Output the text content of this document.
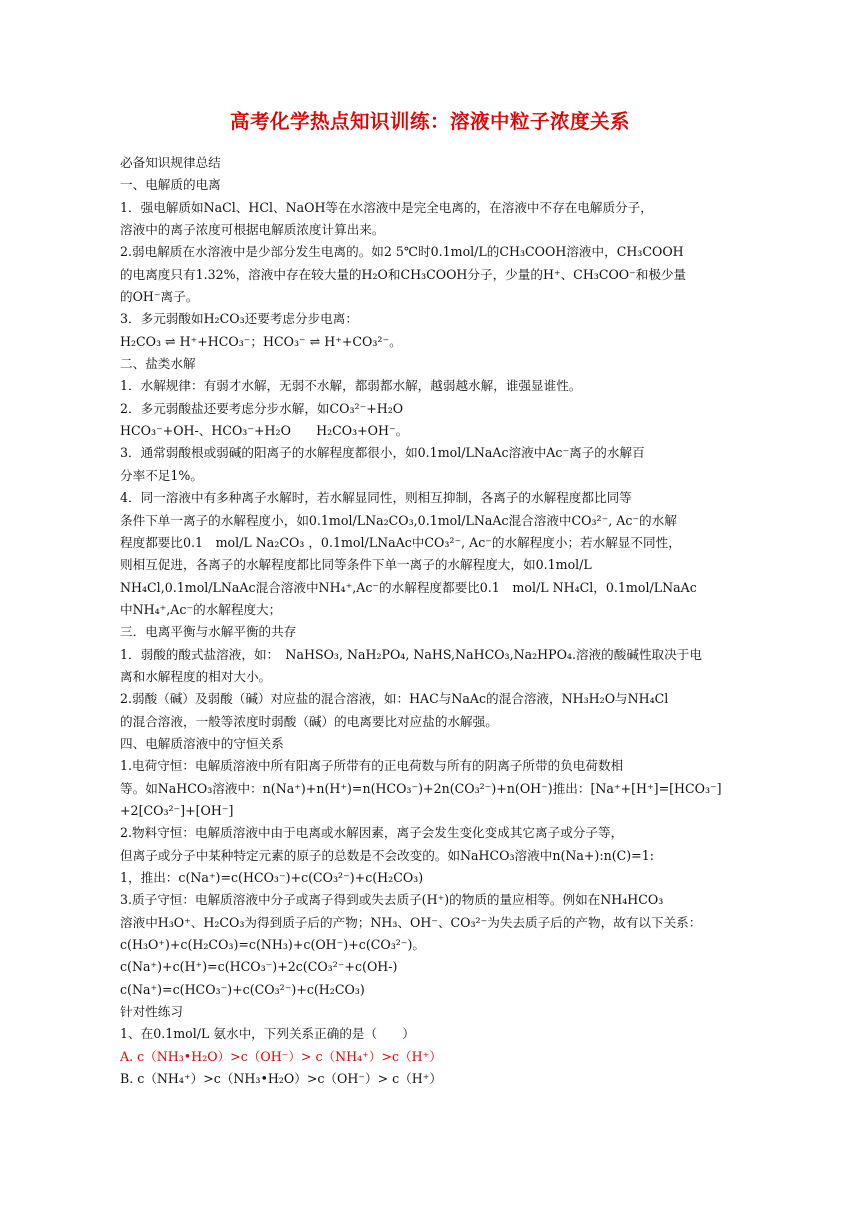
高考化学热点知识训练：溶液中粒子浓度关系

必备知识规律总结

一、电解质的电离

1．强电解质如NaCl、HCl、NaOH等在水溶液中是完全电离的，在溶液中不存在电解质分子，

溶液中的离子浓度可根据电解质浓度计算出来。

2.弱电解质在水溶液中是少部分发生电离的。如2 5℃时0.1mol/L的CH₃COOH溶液中，CH₃COOH

的电离度只有1.32%，溶液中存在较大量的H₂O和CH₃COOH分子，少量的H⁺、CH₃COO⁻和极少量

的OH⁻离子。

3．多元弱酸如H₂CO₃还要考虑分步电离：

H₂CO₃ ⇌ H⁺+HCO₃⁻；HCO₃⁻ ⇌ H⁺+CO₃²⁻。

二、盐类水解

1．水解规律：有弱才水解，无弱不水解，都弱都水解，越弱越水解，谁强显谁性。

2．多元弱酸盐还要考虑分步水解，如CO₃²⁻+H₂O

HCO₃⁻+OH-、HCO₃⁻+H₂O　　H₂CO₃+OH⁻。

3．通常弱酸根或弱碱的阳离子的水解程度都很小，如0.1mol/LNaAc溶液中Ac⁻离子的水解百

分率不足1%。

4．同一溶液中有多种离子水解时，若水解显同性，则相互抑制，各离子的水解程度都比同等

条件下单一离子的水解程度小，如0.1mol/LNa₂CO₃,0.1mol/LNaAc混合溶液中CO₃²⁻, Ac⁻的水解

程度都要比0.1　mol/L Na₂CO₃ ，0.1mol/LNaAc中CO₃²⁻, Ac⁻的水解程度小；若水解显不同性，

则相互促进，各离子的水解程度都比同等条件下单一离子的水解程度大，如0.1mol/L

NH₄Cl,0.1mol/LNaAc混合溶液中NH₄⁺,Ac⁻的水解程度都要比0.1　mol/L NH₄Cl，0.1mol/LNaAc

中NH₄⁺,Ac⁻的水解程度大；

三．电离平衡与水解平衡的共存

1．弱酸的酸式盐溶液，如：　NaHSO₃, NaH₂PO₄, NaHS,NaHCO₃,Na₂HPO₄.溶液的酸碱性取决于电

离和水解程度的相对大小。

2.弱酸（碱）及弱酸（碱）对应盐的混合溶液，如：HAC与NaAc的混合溶液，NH₃H₂O与NH₄Cl

的混合溶液，一般等浓度时弱酸（碱）的电离要比对应盐的水解强。

四、电解质溶液中的守恒关系

1.电荷守恒：电解质溶液中所有阳离子所带有的正电荷数与所有的阴离子所带的负电荷数相

等。如NaHCO₃溶液中：n(Na⁺)+n(H⁺)=n(HCO₃⁻)+2n(CO₃²⁻)+n(OH⁻)推出：[Na⁺+[H⁺]=[HCO₃⁻]

+2[CO₃²⁻]+[OH⁻]

2.物料守恒：电解质溶液中由于电离或水解因素，离子会发生变化变成其它离子或分子等，

但离子或分子中某种特定元素的原子的总数是不会改变的。如NaHCO₃溶液中n(Na+):n(C)=1:

1，推出：c(Na⁺)=c(HCO₃⁻)+c(CO₃²⁻)+c(H₂CO₃)

3.质子守恒：电解质溶液中分子或离子得到或失去质子(H⁺)的物质的量应相等。例如在NH₄HCO₃

溶液中H₃O⁺、H₂CO₃为得到质子后的产物；NH₃、OH⁻、CO₃²⁻为失去质子后的产物，故有以下关系：

c(H₃O⁺)+c(H₂CO₃)=c(NH₃)+c(OH⁻)+c(CO₃²⁻)。

c(Na⁺)+c(H⁺)=c(HCO₃⁻)+2c(CO₃²⁻+c(OH-)

c(Na⁺)=c(HCO₃⁻)+c(CO₃²⁻)+c(H₂CO₃)

针对性练习

1、在0.1mol/L 氨水中，下列关系正确的是（　　）

A. c（NH₃•H₂O）>c（OH⁻）> c（NH₄⁺）>c（H⁺）

B. c（NH₄⁺）>c（NH₃•H₂O）>c（OH⁻）> c（H⁺）
